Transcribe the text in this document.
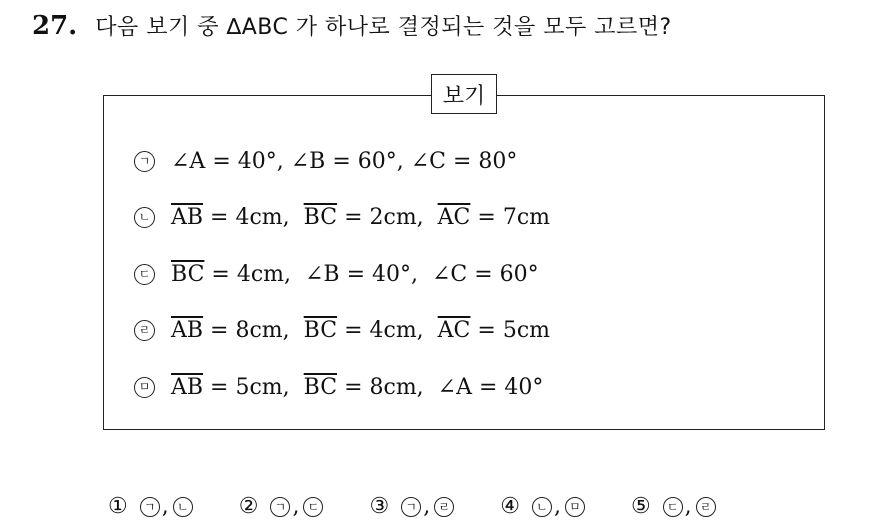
27. 다음 보기 중 ∆ABC 가 하나로 결정되는 것을 모두 고르면?
보기
ㄱ ∠A = 40°, ∠B = 60°, ∠C = 80°
ㄴ $\overline{AB} = 4cm$,  $\overline{BC} = 2cm$,  $\overline{AC} = 7cm$
ㄷ $\overline{BC} = 4cm$,  ∠B = 40°,  ∠C = 60°
ㄹ $\overline{AB} = 8cm$,  $\overline{BC} = 4cm$,  $\overline{AC} = 5cm$
ㅁ $\overline{AB} = 5cm$,  $\overline{BC} = 8cm$,  ∠A = 40°
①	ㄱ , ㄴ ②	ㄱ , ㄷ ③	ㄱ , ㄹ ④	ㄴ , ㅁ ⑤	ㄷ , ㄹ
